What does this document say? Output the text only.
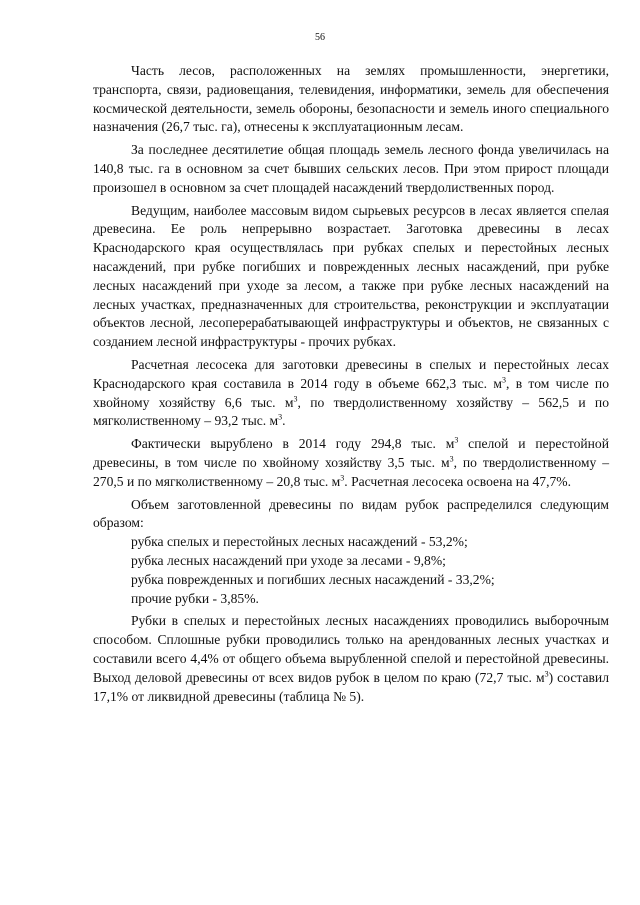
56

Часть лесов, расположенных на землях промышленности, энергетики, транспорта, связи, радиовещания, телевидения, информатики, земель для обеспечения космической деятельности, земель обороны, безопасности и земель иного специального назначения (26,7 тыс. га), отнесены к эксплуатационным лесам.

За последнее десятилетие общая площадь земель лесного фонда увеличилась на 140,8 тыс. га в основном за счет бывших сельских лесов. При этом прирост площади произошел в основном за счет площадей насаждений твердолиственных пород.

Ведущим, наиболее массовым видом сырьевых ресурсов в лесах является спелая древесина. Ее роль непрерывно возрастает. Заготовка древесины в лесах Краснодарского края осуществлялась при рубках спелых и перестойных лесных насаждений, при рубке погибших и поврежденных лесных насаждений, при рубке лесных насаждений при уходе за лесом, а также при рубке лесных насаждений на лесных участках, предназначенных для строительства, реконструкции и эксплуатации объектов лесной, лесоперерабатывающей инфраструктуры и объектов, не связанных с созданием лесной инфраструктуры - прочих рубках.

Расчетная лесосека для заготовки древесины в спелых и перестойных лесах Краснодарского края составила в 2014 году в объеме 662,3 тыс. $м^3$, в том числе по хвойному хозяйству 6,6 тыс. $м^3$, по твердолиственному хозяйству – 562,5 и по мягколиственному – 93,2 тыс. $м^3$.

Фактически вырублено в 2014 году 294,8 тыс. $м^3$ спелой и перестойной древесины, в том числе по хвойному хозяйству 3,5 тыс. $м^3$, по твердолиственному – 270,5 и по мягколиственному – 20,8 тыс. $м^3$. Расчетная лесосека освоена на 47,7%.

Объем заготовленной древесины по видам рубок распределился следующим образом:

рубка спелых и перестойных лесных насаждений - 53,2%;
рубка лесных насаждений при уходе за лесами - 9,8%;
рубка поврежденных и погибших лесных насаждений - 33,2%;
прочие рубки - 3,85%.

Рубки в спелых и перестойных лесных насаждениях проводились выборочным способом. Сплошные рубки проводились только на арендованных лесных участках и составили всего 4,4% от общего объема вырубленной спелой и перестойной древесины. Выход деловой древесины от всех видов рубок в целом по краю (72,7 тыс. $м^3$) составил 17,1% от ликвидной древесины (таблица № 5).
